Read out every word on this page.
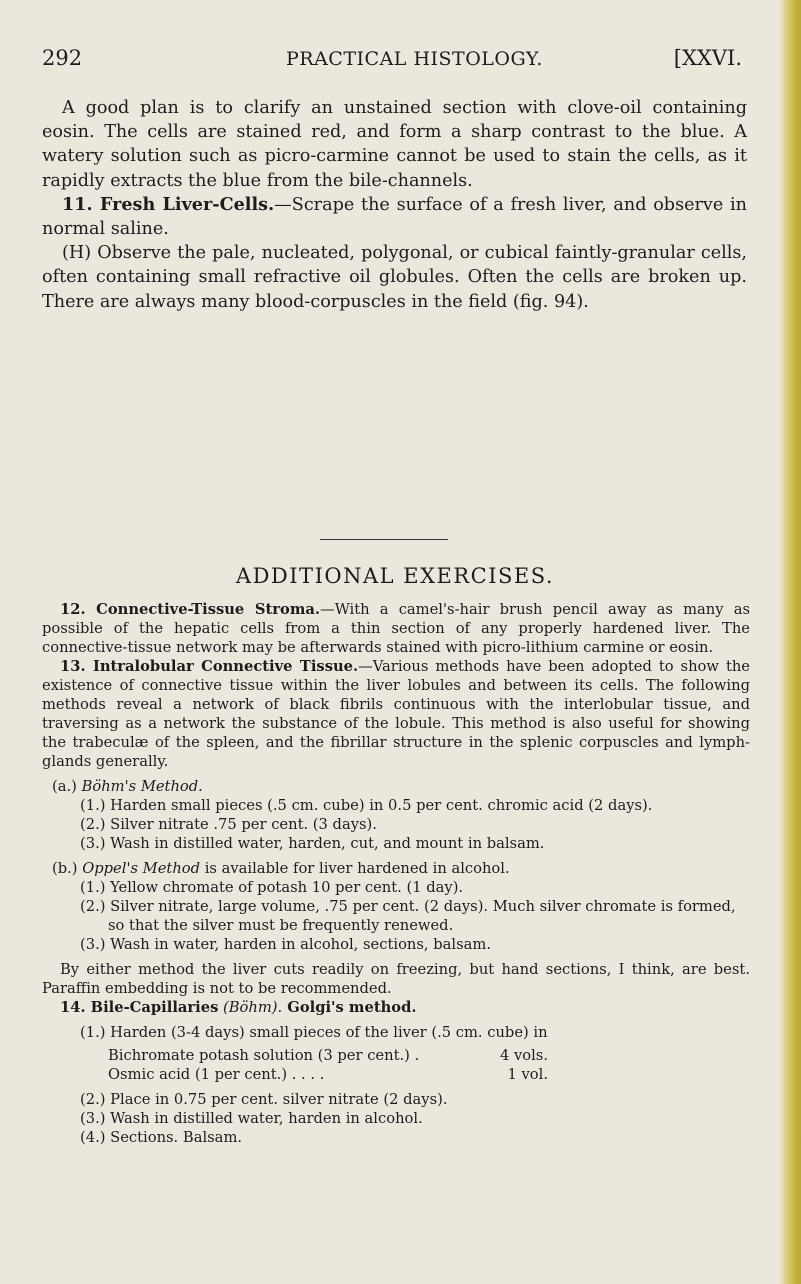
292	PRACTICAL HISTOLOGY.	[XXVI.

A good plan is to clarify an unstained section with clove-oil containing eosin. The cells are stained red, and form a sharp contrast to the blue. A watery solution such as picro-carmine cannot be used to stain the cells, as it rapidly extracts the blue from the bile-channels.

11. Fresh Liver-Cells.—Scrape the surface of a fresh liver, and observe in normal saline.

(H) Observe the pale, nucleated, polygonal, or cubical faintly-granular cells, often containing small refractive oil globules. Often the cells are broken up. There are always many blood-corpuscles in the field (fig. 94).

ADDITIONAL EXERCISES.

12. Connective-Tissue Stroma.—With a camel's-hair brush pencil away as many as possible of the hepatic cells from a thin section of any properly hardened liver. The connective-tissue network may be afterwards stained with picro-lithium carmine or eosin.

13. Intralobular Connective Tissue.—Various methods have been adopted to show the existence of connective tissue within the liver lobules and between its cells. The following methods reveal a network of black fibrils continuous with the interlobular tissue, and traversing as a network the substance of the lobule. This method is also useful for showing the trabeculæ of the spleen, and the fibrillar structure in the splenic corpuscles and lymph-glands generally.

(a.) Böhm's Method.

(1.) Harden small pieces (.5 cm. cube) in 0.5 per cent. chromic acid (2 days).

(2.) Silver nitrate .75 per cent. (3 days).

(3.) Wash in distilled water, harden, cut, and mount in balsam.

(b.) Oppel's Method is available for liver hardened in alcohol.

(1.) Yellow chromate of potash 10 per cent. (1 day).

(2.) Silver nitrate, large volume, .75 per cent. (2 days). Much silver chromate is formed, so that the silver must be frequently renewed.

(3.) Wash in water, harden in alcohol, sections, balsam.

By either method the liver cuts readily on freezing, but hand sections, I think, are best. Paraffin embedding is not to be recommended.

14. Bile-Capillaries (Böhm). Golgi's method.

(1.) Harden (3-4 days) small pieces of the liver (.5 cm. cube) in

Bichromate potash solution (3 per cent.) .	4 vols.
Osmic acid (1 per cent.) . . . .	1 vol.

(2.) Place in 0.75 per cent. silver nitrate (2 days).

(3.) Wash in distilled water, harden in alcohol.

(4.) Sections. Balsam.
